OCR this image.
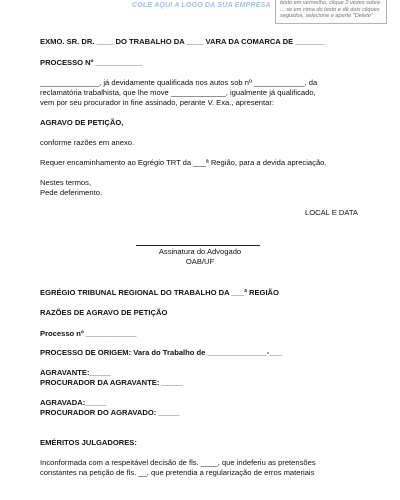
COLE AQUI A LOGO DA SUA EMPRESA	texto em vermelho, clique 2 vezes sobre ... se em cima do texto e dê dois cliques seguidos, selecione e aperte "Delete"
EXMO. SR. DR. ____ DO TRABALHO DA ____ VARA DA COMARCA DE _______
PROCESSO Nº ___________
______________, já devidamente qualificada nos autos sob nº ____________, da
reclamatória trabalhista, que lhe move _____________, igualmente já qualificado,
vem por seu procurador in fine assinado, perante V. Exa., apresentar:
AGRAVO DE PETIÇÃO,
conforme razões em anexo.
Requer encaminhamento ao Egrégio TRT da ___ª Região, para a devida apreciação.
Nestes termos,
Pede deferimento.
LOCAL E DATA
Assinatura do Advogado
OAB/UF
EGRÉGIO TRIBUNAL REGIONAL DO TRABALHO DA ___ª REGIÃO
RAZÕES DE AGRAVO DE PETIÇÃO
Processo nº ____________
PROCESSO DE ORIGEM: Vara do Trabalho de ______________-___
AGRAVANTE:_____
PROCURADOR DA AGRAVANTE: _____
AGRAVADA:_____
PROCURADOR DO AGRAVADO: _____
EMÉRITOS JULGADORES:
Inconformada com a respeitável decisão de fls. ____, que indeferiu as pretensões
constantes na petição de fls. __, que pretendia a regularização de erros materiais
